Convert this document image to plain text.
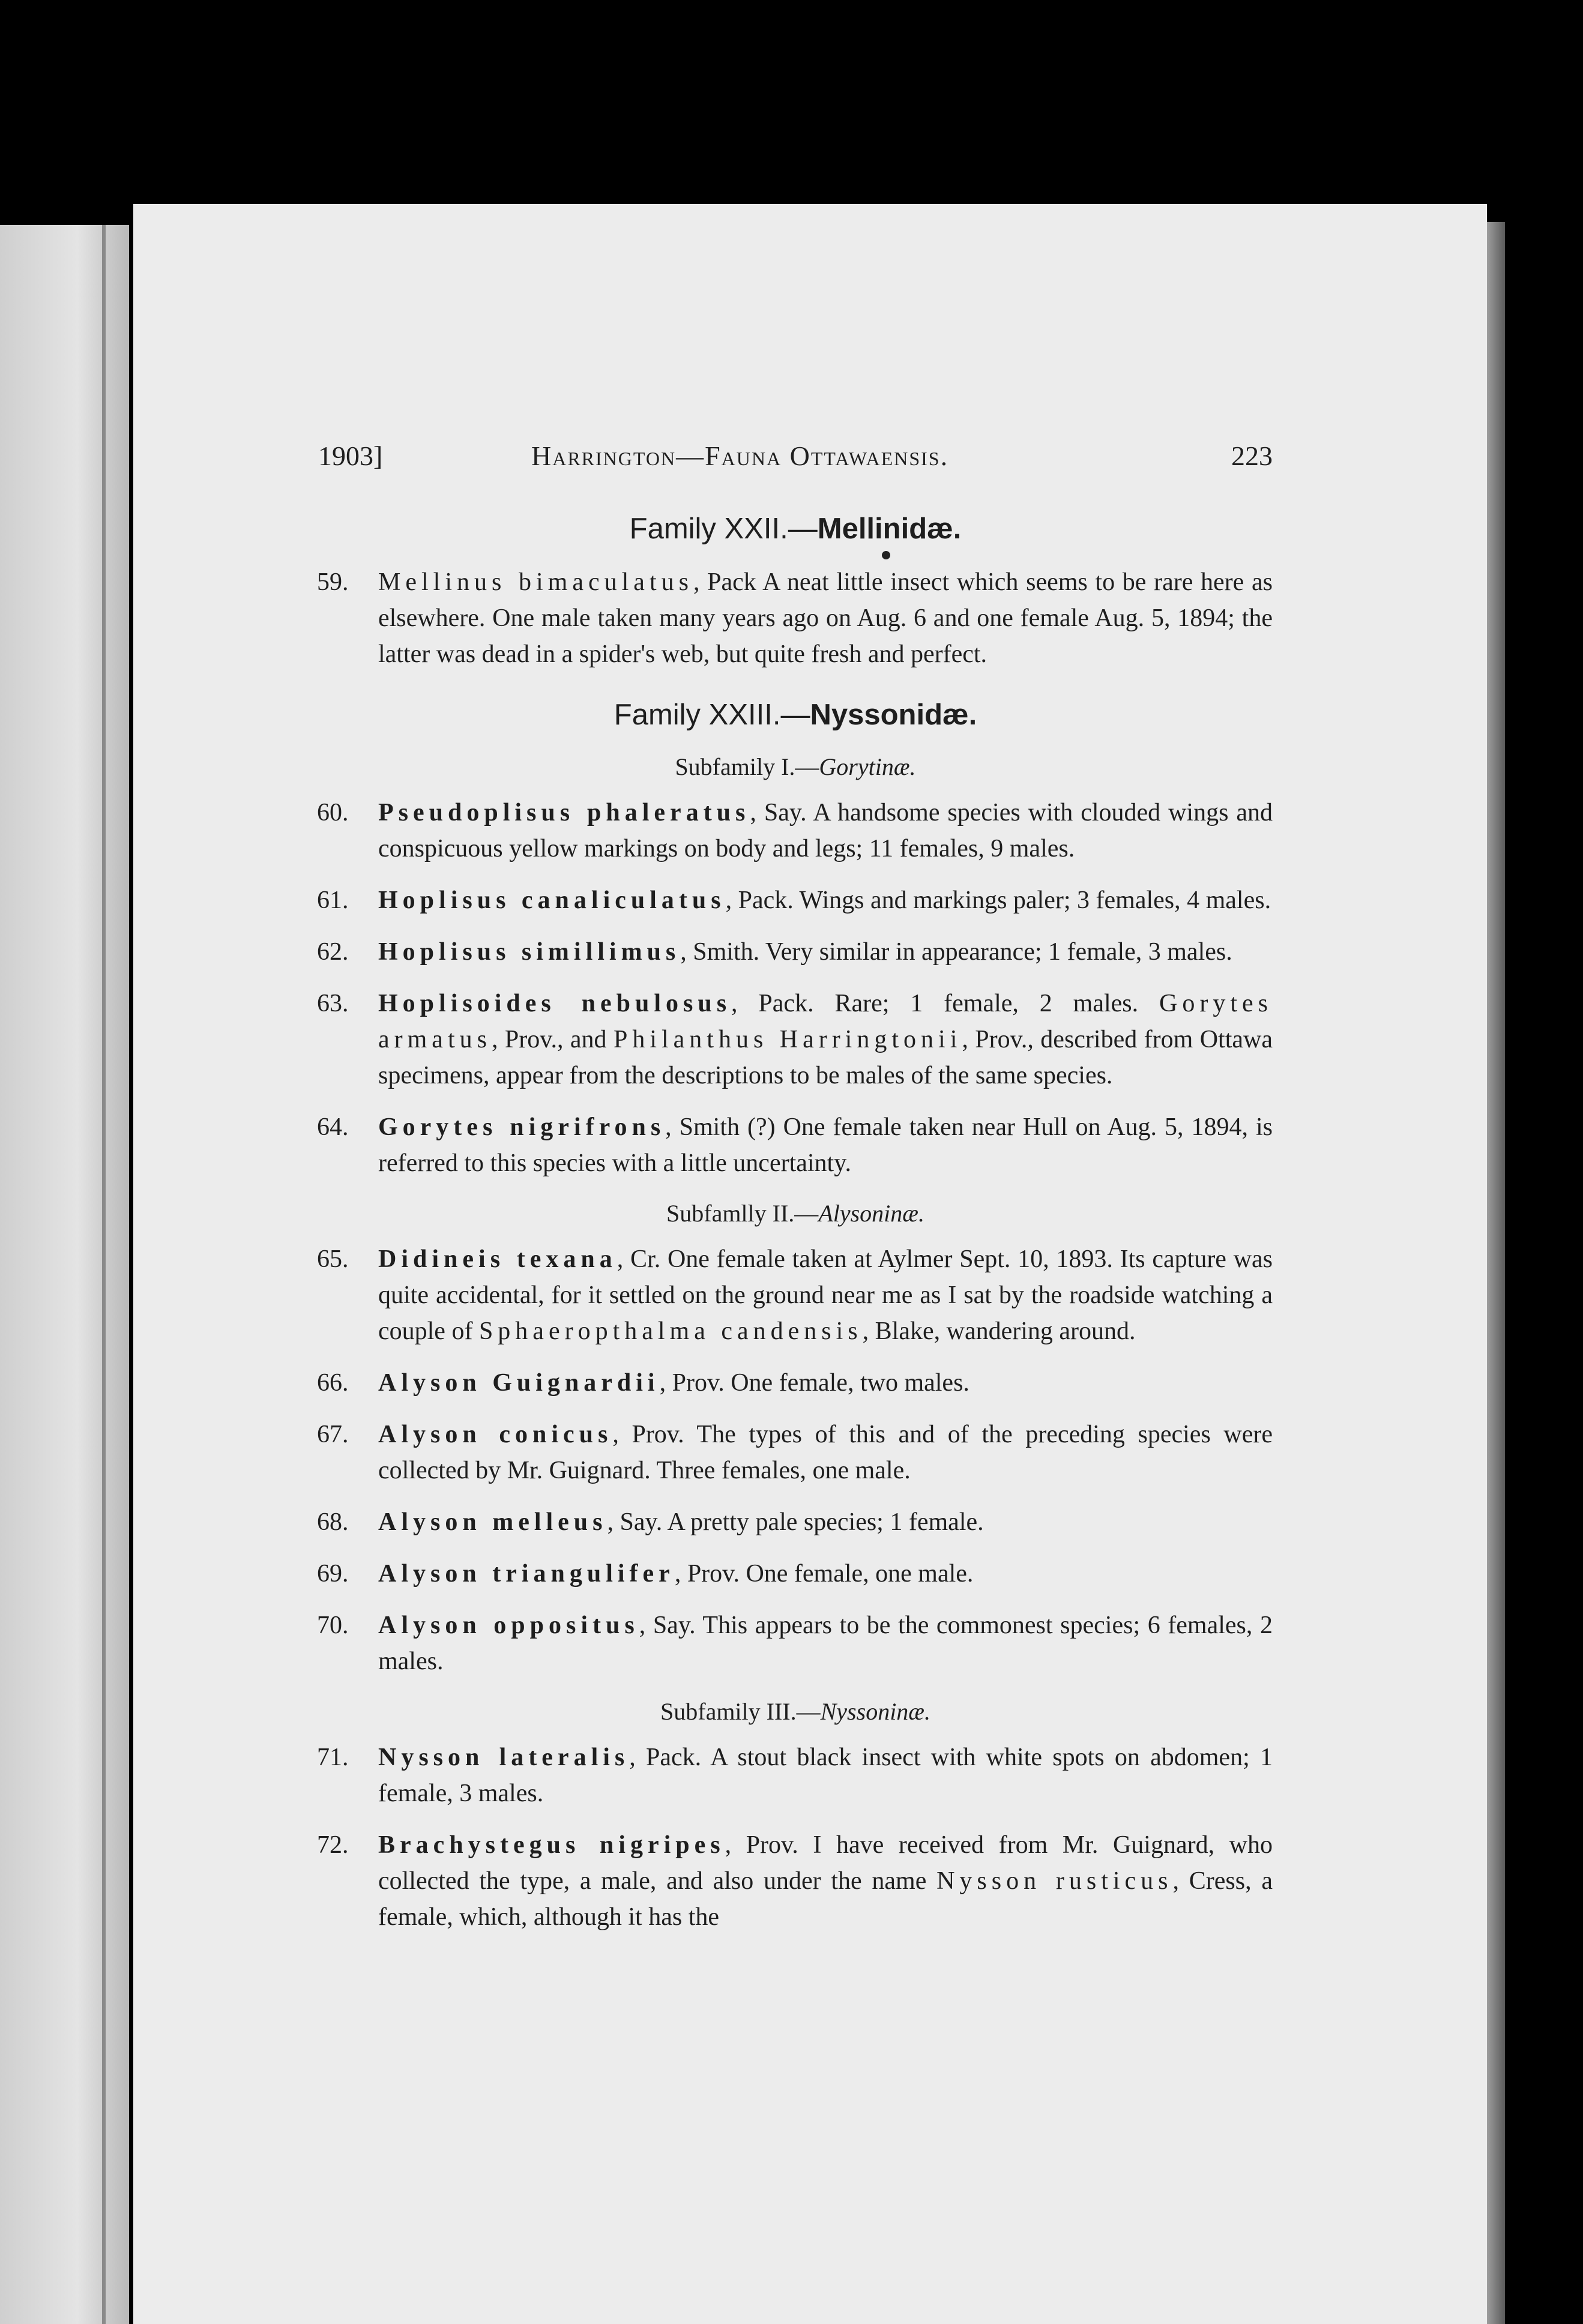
1903]	Harrington—Fauna Ottawaensis.	223
Family XXII.—Mellinidæ.
59.	Mellinus bimaculatus, Pack A neat little insect which seems to be rare here as elsewhere. One male taken many years ago on Aug. 6 and one female Aug. 5, 1894; the latter was dead in a spider's web, but quite fresh and perfect.
Family XXIII.—Nyssonidæ.
Subfamily I.—Gorytinæ.
60.	Pseudoplisus phaleratus, Say. A handsome species with clouded wings and conspicuous yellow markings on body and legs; 11 females, 9 males.
61.	Hoplisus canaliculatus, Pack. Wings and markings paler; 3 females, 4 males.
62.	Hoplisus simillimus, Smith. Very similar in appearance; 1 female, 3 males.
63.	Hoplisoides nebulosus, Pack. Rare; 1 female, 2 males. Gorytes armatus, Prov., and Philanthus Harringtonii, Prov., described from Ottawa specimens, appear from the descriptions to be males of the same species.
64.	Gorytes nigrifrons, Smith (?) One female taken near Hull on Aug. 5, 1894, is referred to this species with a little uncertainty.
Subfamlly II.—Alysoninæ.
65.	Didineis texana, Cr. One female taken at Aylmer Sept. 10, 1893. Its capture was quite accidental, for it settled on the ground near me as I sat by the roadside watching a couple of Sphaeropthalma candensis, Blake, wandering around.
66.	Alyson Guignardii, Prov. One female, two males.
67.	Alyson conicus, Prov. The types of this and of the preceding species were collected by Mr. Guignard. Three females, one male.
68.	Alyson melleus, Say. A pretty pale species; 1 female.
69.	Alyson triangulifer, Prov. One female, one male.
70.	Alyson oppositus, Say. This appears to be the commonest species; 6 females, 2 males.
Subfamily III.—Nyssoninæ.
71.	Nysson lateralis, Pack. A stout black insect with white spots on abdomen; 1 female, 3 males.
72.	Brachystegus nigripes, Prov. I have received from Mr. Guignard, who collected the type, a male, and also under the name Nysson rusticus, Cress, a female, which, although it has the
